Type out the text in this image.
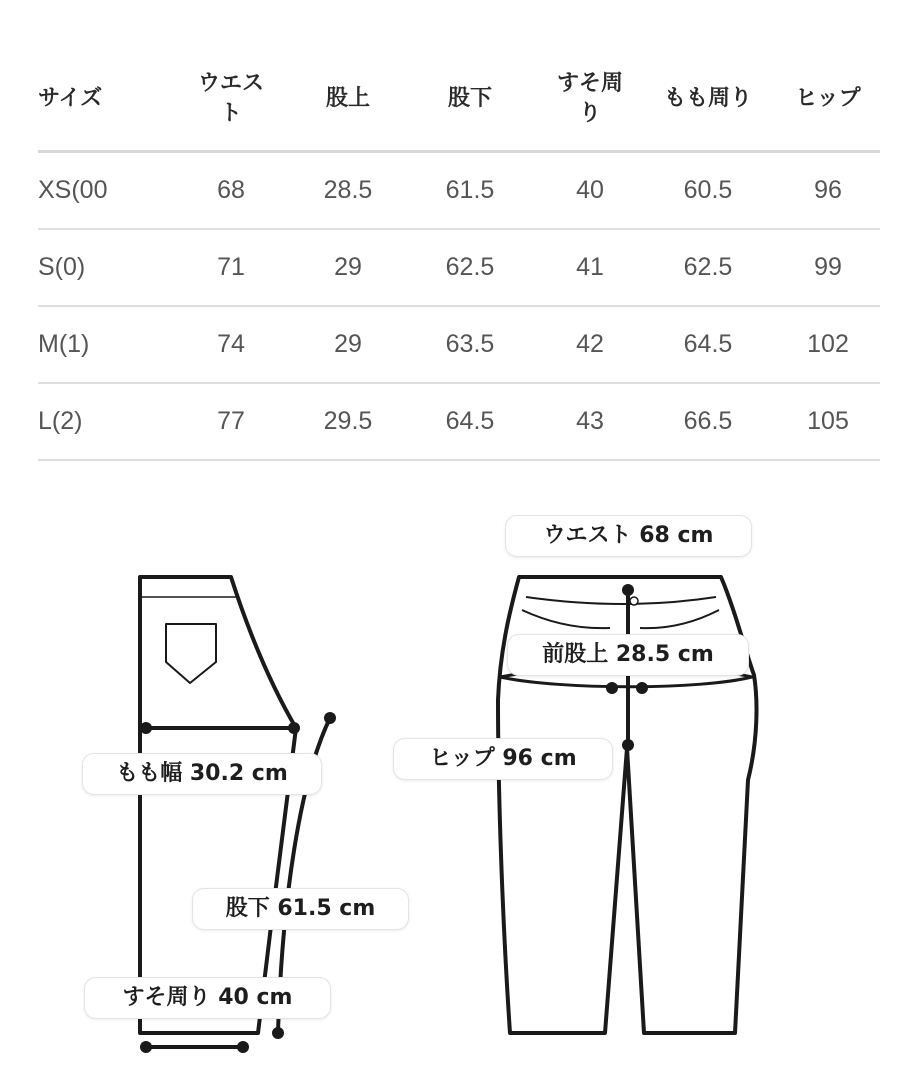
サイズ	ウエスト	股上	股下	すそ周り	もも周り	ヒップ
XS(00	68	28.5	61.5	40	60.5	96
S(0)	71	29	62.5	41	62.5	99
M(1)	74	29	63.5	42	64.5	102
L(2)	77	29.5	64.5	43	66.5	105
もも幅 30.2 cm
股下 61.5 cm
すそ周り 40 cm
ウエスト 68 cm
前股上 28.5 cm
ヒップ 96 cm
